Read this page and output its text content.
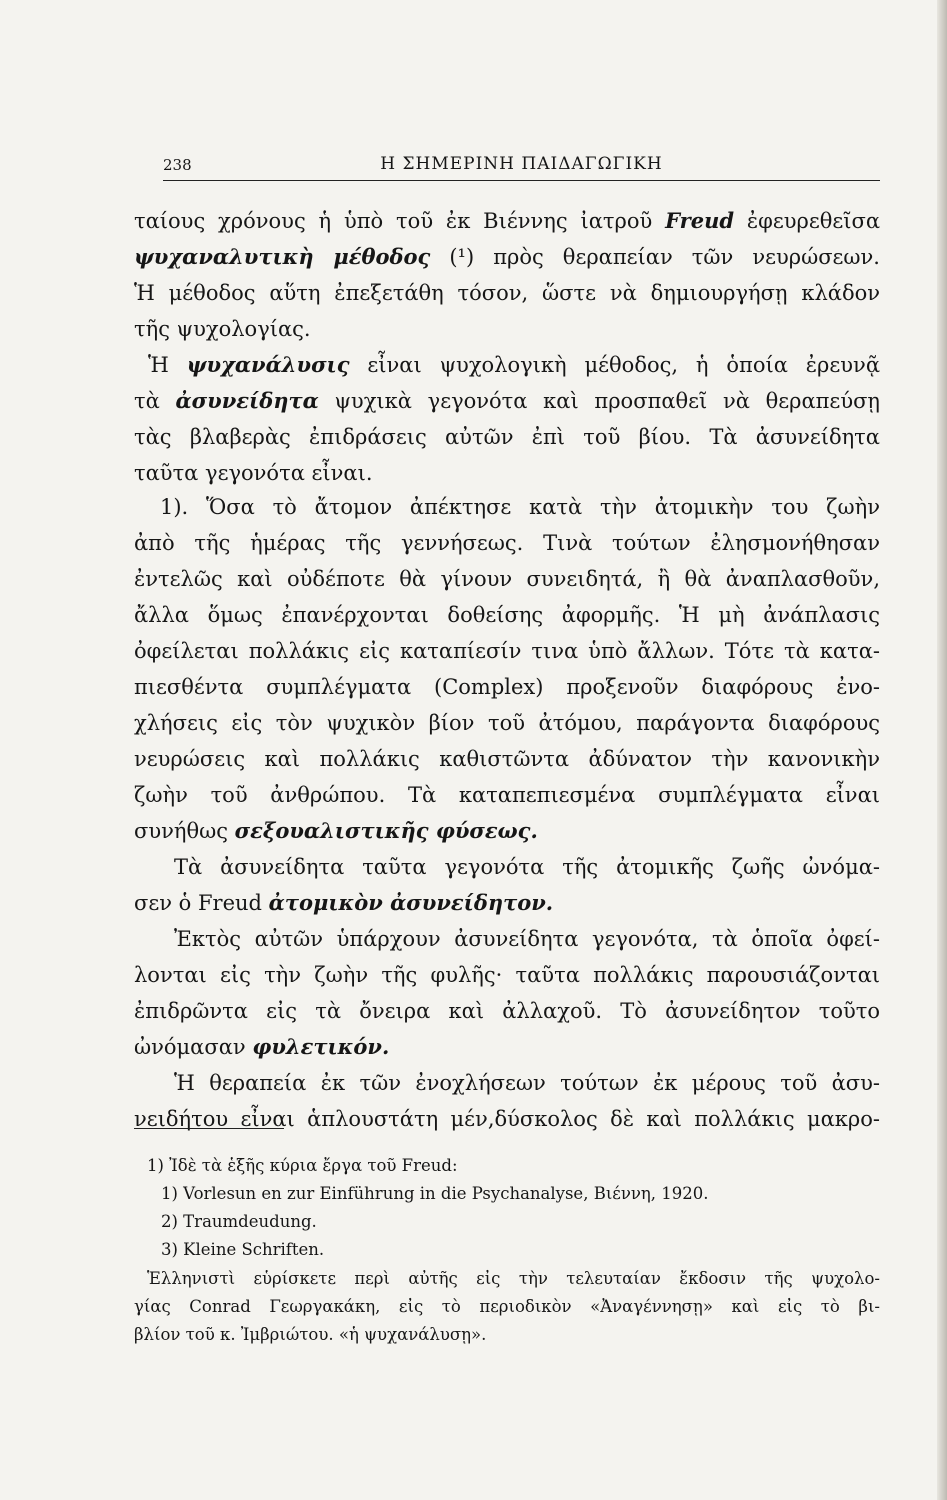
238	Η ΣΗΜΕΡΙΝΗ ΠΑΙΔΑΓΩΓΙΚΗ
ταίους χρόνους ἡ ὑπὸ τοῦ ἐκ Βιέννης ἰατροῦ Freud ἐφευρεθεῖσα
ψυχαναλυτικὴ μέθοδος (¹) πρὸς θεραπείαν τῶν νευρώσεων.
Ἡ μέθοδος αὕτη ἐπεξετάθη τόσον, ὥστε νὰ δημιουργήσῃ κλάδον
τῆς ψυχολογίας.
Ἡ ψυχανάλυσις εἶναι ψυχολογικὴ μέθοδος, ἡ ὁποία ἐρευνᾷ
τὰ ἀσυνείδητα ψυχικὰ γεγονότα καὶ προσπαθεῖ νὰ θεραπεύσῃ
τὰς βλαβερὰς ἐπιδράσεις αὐτῶν ἐπὶ τοῦ βίου. Τὰ ἀσυνείδητα
ταῦτα γεγονότα εἶναι.
1). Ὅσα τὸ ἄτομον ἀπέκτησε κατὰ τὴν ἀτομικὴν του ζωὴν
ἀπὸ τῆς ἡμέρας τῆς γεννήσεως. Τινὰ τούτων ἐλησμονήθησαν
ἐντελῶς καὶ οὐδέποτε θὰ γίνουν συνειδητά, ἢ θὰ ἀναπλασθοῦν,
ἄλλα ὅμως ἐπανέρχονται δοθείσης ἀφορμῆς. Ἡ μὴ ἀνάπλασις
ὀφείλεται πολλάκις εἰς καταπίεσίν τινα ὑπὸ ἄλλων. Τότε τὰ κατα-
πιεσθέντα συμπλέγματα (Complex) προξενοῦν διαφόρους ἐνο-
χλήσεις εἰς τὸν ψυχικὸν βίον τοῦ ἀτόμου, παράγοντα διαφόρους
νευρώσεις καὶ πολλάκις καθιστῶντα ἀδύνατον τὴν κανονικὴν
ζωὴν τοῦ ἀνθρώπου. Τὰ καταπεπιεσμένα συμπλέγματα εἶναι
συνήθως σεξουαλιστικῆς φύσεως.
Τὰ ἀσυνείδητα ταῦτα γεγονότα τῆς ἀτομικῆς ζωῆς ὠνόμα-
σεν ὁ Freud ἀτομικὸν ἀσυνείδητον.
Ἐκτὸς αὐτῶν ὑπάρχουν ἀσυνείδητα γεγονότα, τὰ ὁποῖα ὀφεί-
λονται εἰς τὴν ζωὴν τῆς φυλῆς· ταῦτα πολλάκις παρουσιάζονται
ἐπιδρῶντα εἰς τὰ ὄνειρα καὶ ἀλλαχοῦ. Τὸ ἀσυνείδητον τοῦτο
ὠνόμασαν φυλετικόν.
Ἡ θεραπεία ἐκ τῶν ἐνοχλήσεων τούτων ἐκ μέρους τοῦ ἀσυ-
νειδήτου εἶναι ἁπλουστάτη μέν,δύσκολος δὲ καὶ πολλάκις μακρο-
1) Ἰδὲ τὰ ἑξῆς κύρια ἔργα τοῦ Freud:
1) Vorlesun en zur Einführung in die Psychanalyse, Βιέννη, 1920.
2) Traumdeudung.
3) Kleine Schriften.
Ἑλληνιστὶ εὑρίσκετε περὶ αὐτῆς εἰς τὴν τελευταίαν ἔκδοσιν τῆς ψυχολο-
γίας Conrad Γεωργακάκη, εἰς τὸ περιοδικὸν «Ἀναγέννησῃ» καὶ εἰς τὸ βι-
βλίον τοῦ κ. Ἰμβριώτου. «ἡ ψυχανάλυσῃ».
